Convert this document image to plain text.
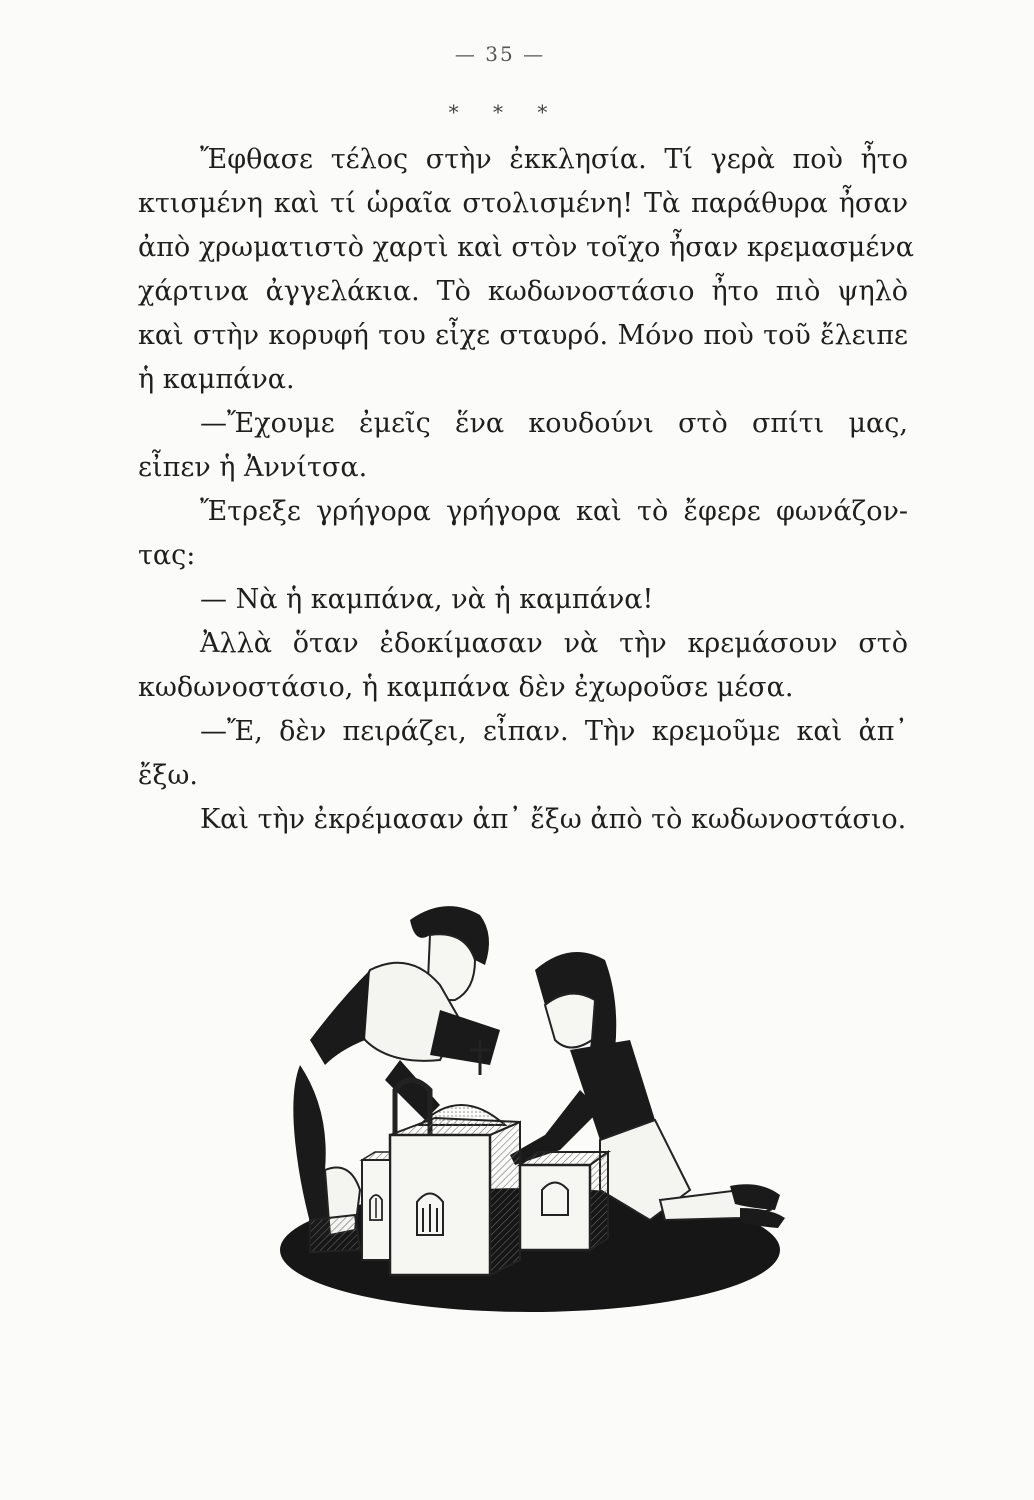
— 35 —
* * *
Ἔφθασε τέλος στὴν ἐκκλησία. Τί γερὰ ποὺ ἦτο
κτισμένη καὶ τί ὡραῖα στολισμένη! Τὰ παράθυρα ἦσαν
ἀπὸ χρωματιστὸ χαρτὶ καὶ στὸν τοῖχο ἦσαν κρεμασμένα
χάρτινα ἀγγελάκια. Τὸ κωδωνοστάσιο ἦτο πιὸ ψηλὸ
καὶ στὴν κορυφή του εἶχε σταυρό. Μόνο ποὺ τοῦ ἔλειπε
ἡ καμπάνα.
—Ἔχουμε ἐμεῖς ἕνα κουδούνι στὸ σπίτι μας,
εἶπεν ἡ Ἀννίτσα.
Ἔτρεξε γρήγορα γρήγορα καὶ τὸ ἔφερε φωνάζον-
τας:
— Νὰ ἡ καμπάνα, νὰ ἡ καμπάνα!
Ἀλλὰ ὅταν ἐδοκίμασαν νὰ τὴν κρεμάσουν στὸ
κωδωνοστάσιο, ἡ καμπάνα δὲν ἐχωροῦσε μέσα.
—Ἔ, δὲν πειράζει, εἶπαν. Τὴν κρεμοῦμε καὶ ἀπ᾽
ἔξω.
Καὶ τὴν ἐκρέμασαν ἀπ᾽ ἔξω ἀπὸ τὸ κωδωνοστάσιο.
